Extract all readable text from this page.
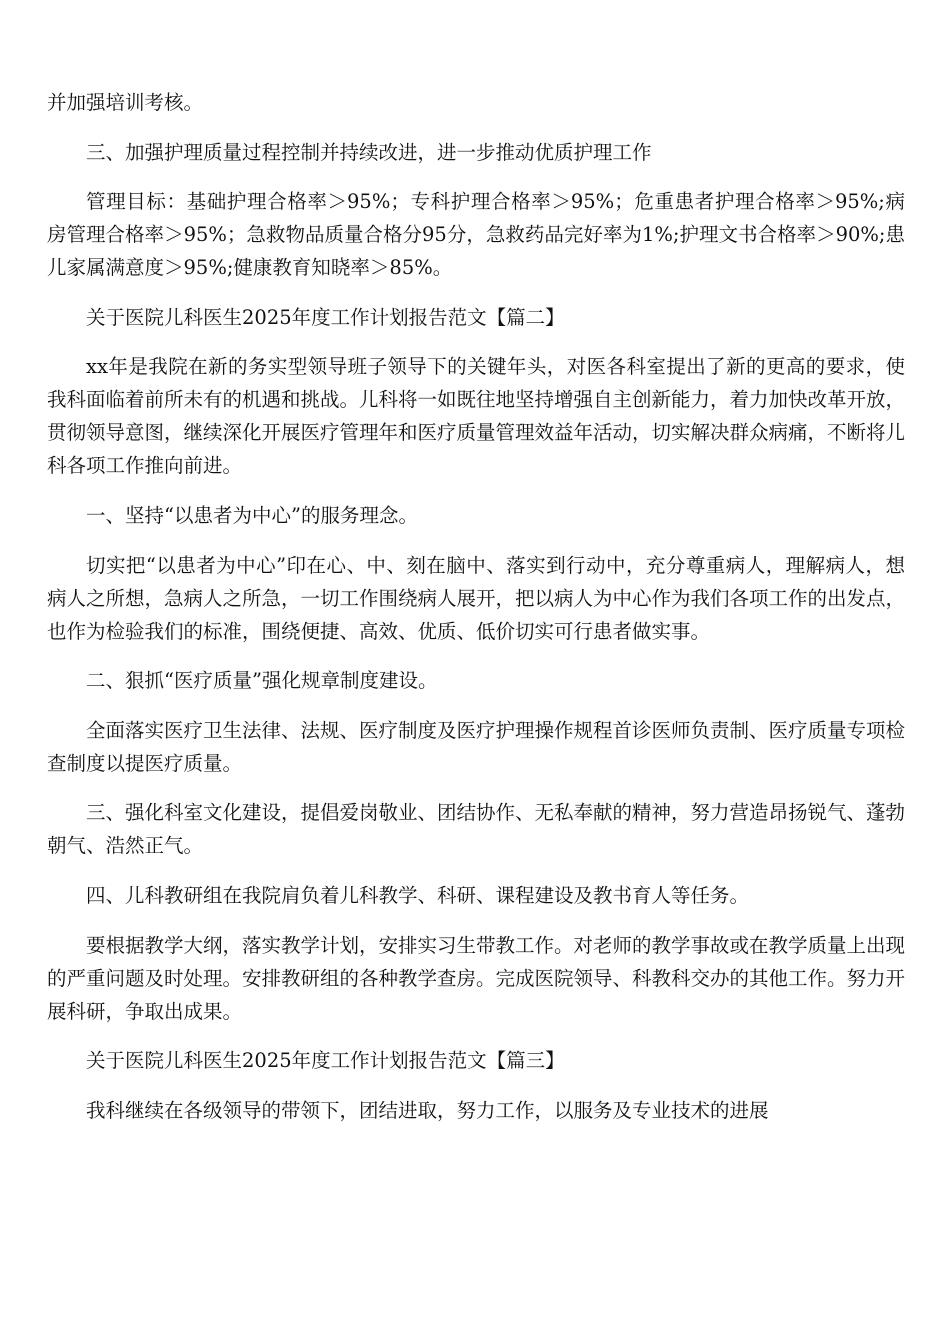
并加强培训考核。

三、加强护理质量过程控制并持续改进，进一步推动优质护理工作

管理目标：基础护理合格率＞95%；专科护理合格率＞95%；危重患者护理合格率＞95%;病房管理合格率＞95%；急救物品质量合格分95分，急救药品完好率为1%;护理文书合格率＞90%;患儿家属满意度＞95%;健康教育知晓率＞85%。

关于医院儿科医生2025年度工作计划报告范文【篇二】

xx年是我院在新的务实型领导班子领导下的关键年头，对医各科室提出了新的更高的要求，使我科面临着前所未有的机遇和挑战。儿科将一如既往地坚持增强自主创新能力，着力加快改革开放，贯彻领导意图，继续深化开展医疗管理年和医疗质量管理效益年活动，切实解决群众病痛，不断将儿科各项工作推向前进。

一、坚持“以患者为中心”的服务理念。

切实把“以患者为中心”印在心、中、刻在脑中、落实到行动中，充分尊重病人，理解病人，想病人之所想，急病人之所急，一切工作围绕病人展开，把以病人为中心作为我们各项工作的出发点，也作为检验我们的标准，围绕便捷、高效、优质、低价切实可行患者做实事。

二、狠抓“医疗质量”强化规章制度建设。

全面落实医疗卫生法律、法规、医疗制度及医疗护理操作规程首诊医师负责制、医疗质量专项检查制度以提医疗质量。

三、强化科室文化建设，提倡爱岗敬业、团结协作、无私奉献的精神，努力营造昂扬锐气、蓬勃朝气、浩然正气。

四、儿科教研组在我院肩负着儿科教学、科研、课程建设及教书育人等任务。

要根据教学大纲，落实教学计划，安排实习生带教工作。对老师的教学事故或在教学质量上出现的严重问题及时处理。安排教研组的各种教学查房。完成医院领导、科教科交办的其他工作。努力开展科研，争取出成果。

关于医院儿科医生2025年度工作计划报告范文【篇三】

我科继续在各级领导的带领下，团结进取，努力工作，以服务及专业技术的进展
